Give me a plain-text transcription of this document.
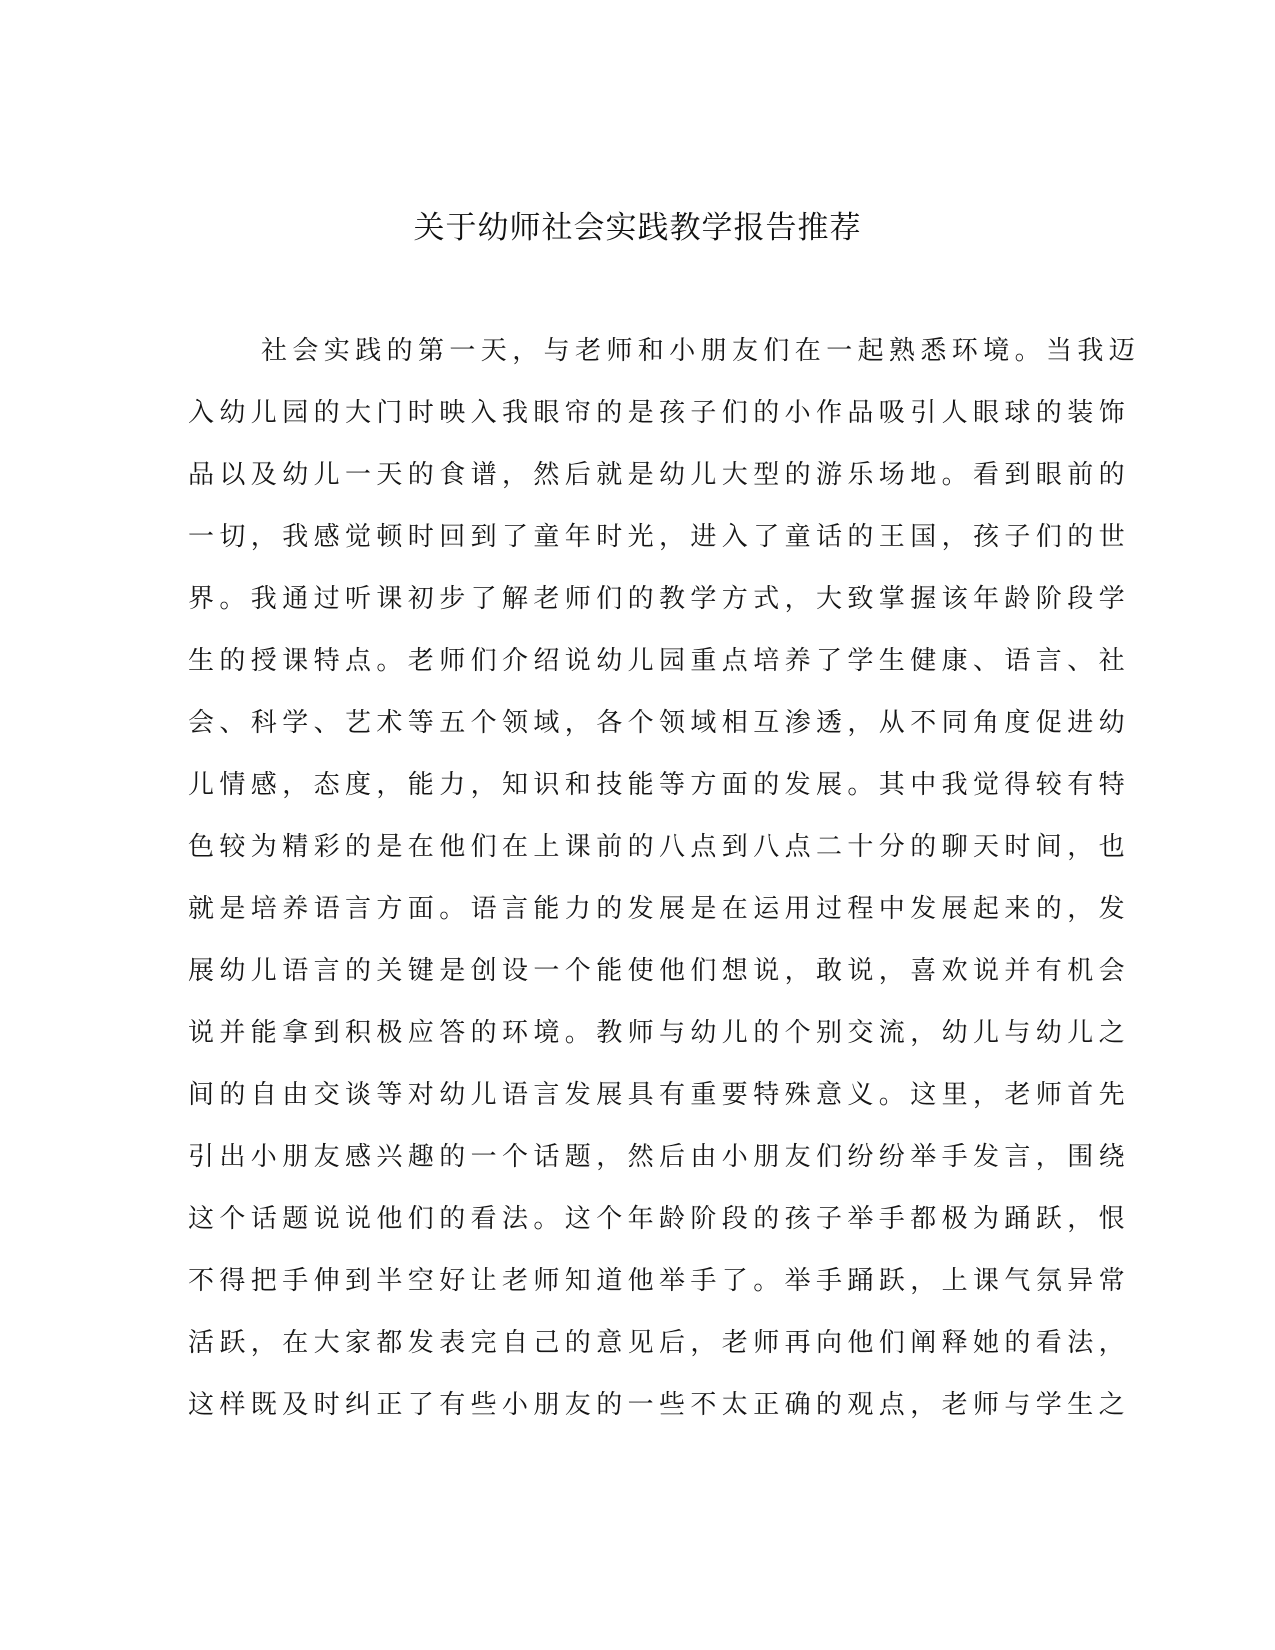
关于幼师社会实践教学报告推荐
社会实践的第一天，与老师和小朋友们在一起熟悉环境。当我迈
入幼儿园的大门时映入我眼帘的是孩子们的小作品吸引人眼球的装饰
品以及幼儿一天的食谱，然后就是幼儿大型的游乐场地。看到眼前的
一切，我感觉顿时回到了童年时光，进入了童话的王国，孩子们的世
界。我通过听课初步了解老师们的教学方式，大致掌握该年龄阶段学
生的授课特点。老师们介绍说幼儿园重点培养了学生健康、语言、社
会、科学、艺术等五个领域，各个领域相互渗透，从不同角度促进幼
儿情感，态度，能力，知识和技能等方面的发展。其中我觉得较有特
色较为精彩的是在他们在上课前的八点到八点二十分的聊天时间，也
就是培养语言方面。语言能力的发展是在运用过程中发展起来的，发
展幼儿语言的关键是创设一个能使他们想说，敢说，喜欢说并有机会
说并能拿到积极应答的环境。教师与幼儿的个别交流，幼儿与幼儿之
间的自由交谈等对幼儿语言发展具有重要特殊意义。这里，老师首先
引出小朋友感兴趣的一个话题，然后由小朋友们纷纷举手发言，围绕
这个话题说说他们的看法。这个年龄阶段的孩子举手都极为踊跃，恨
不得把手伸到半空好让老师知道他举手了。举手踊跃，上课气氛异常
活跃，在大家都发表完自己的意见后，老师再向他们阐释她的看法，
这样既及时纠正了有些小朋友的一些不太正确的观点，老师与学生之
